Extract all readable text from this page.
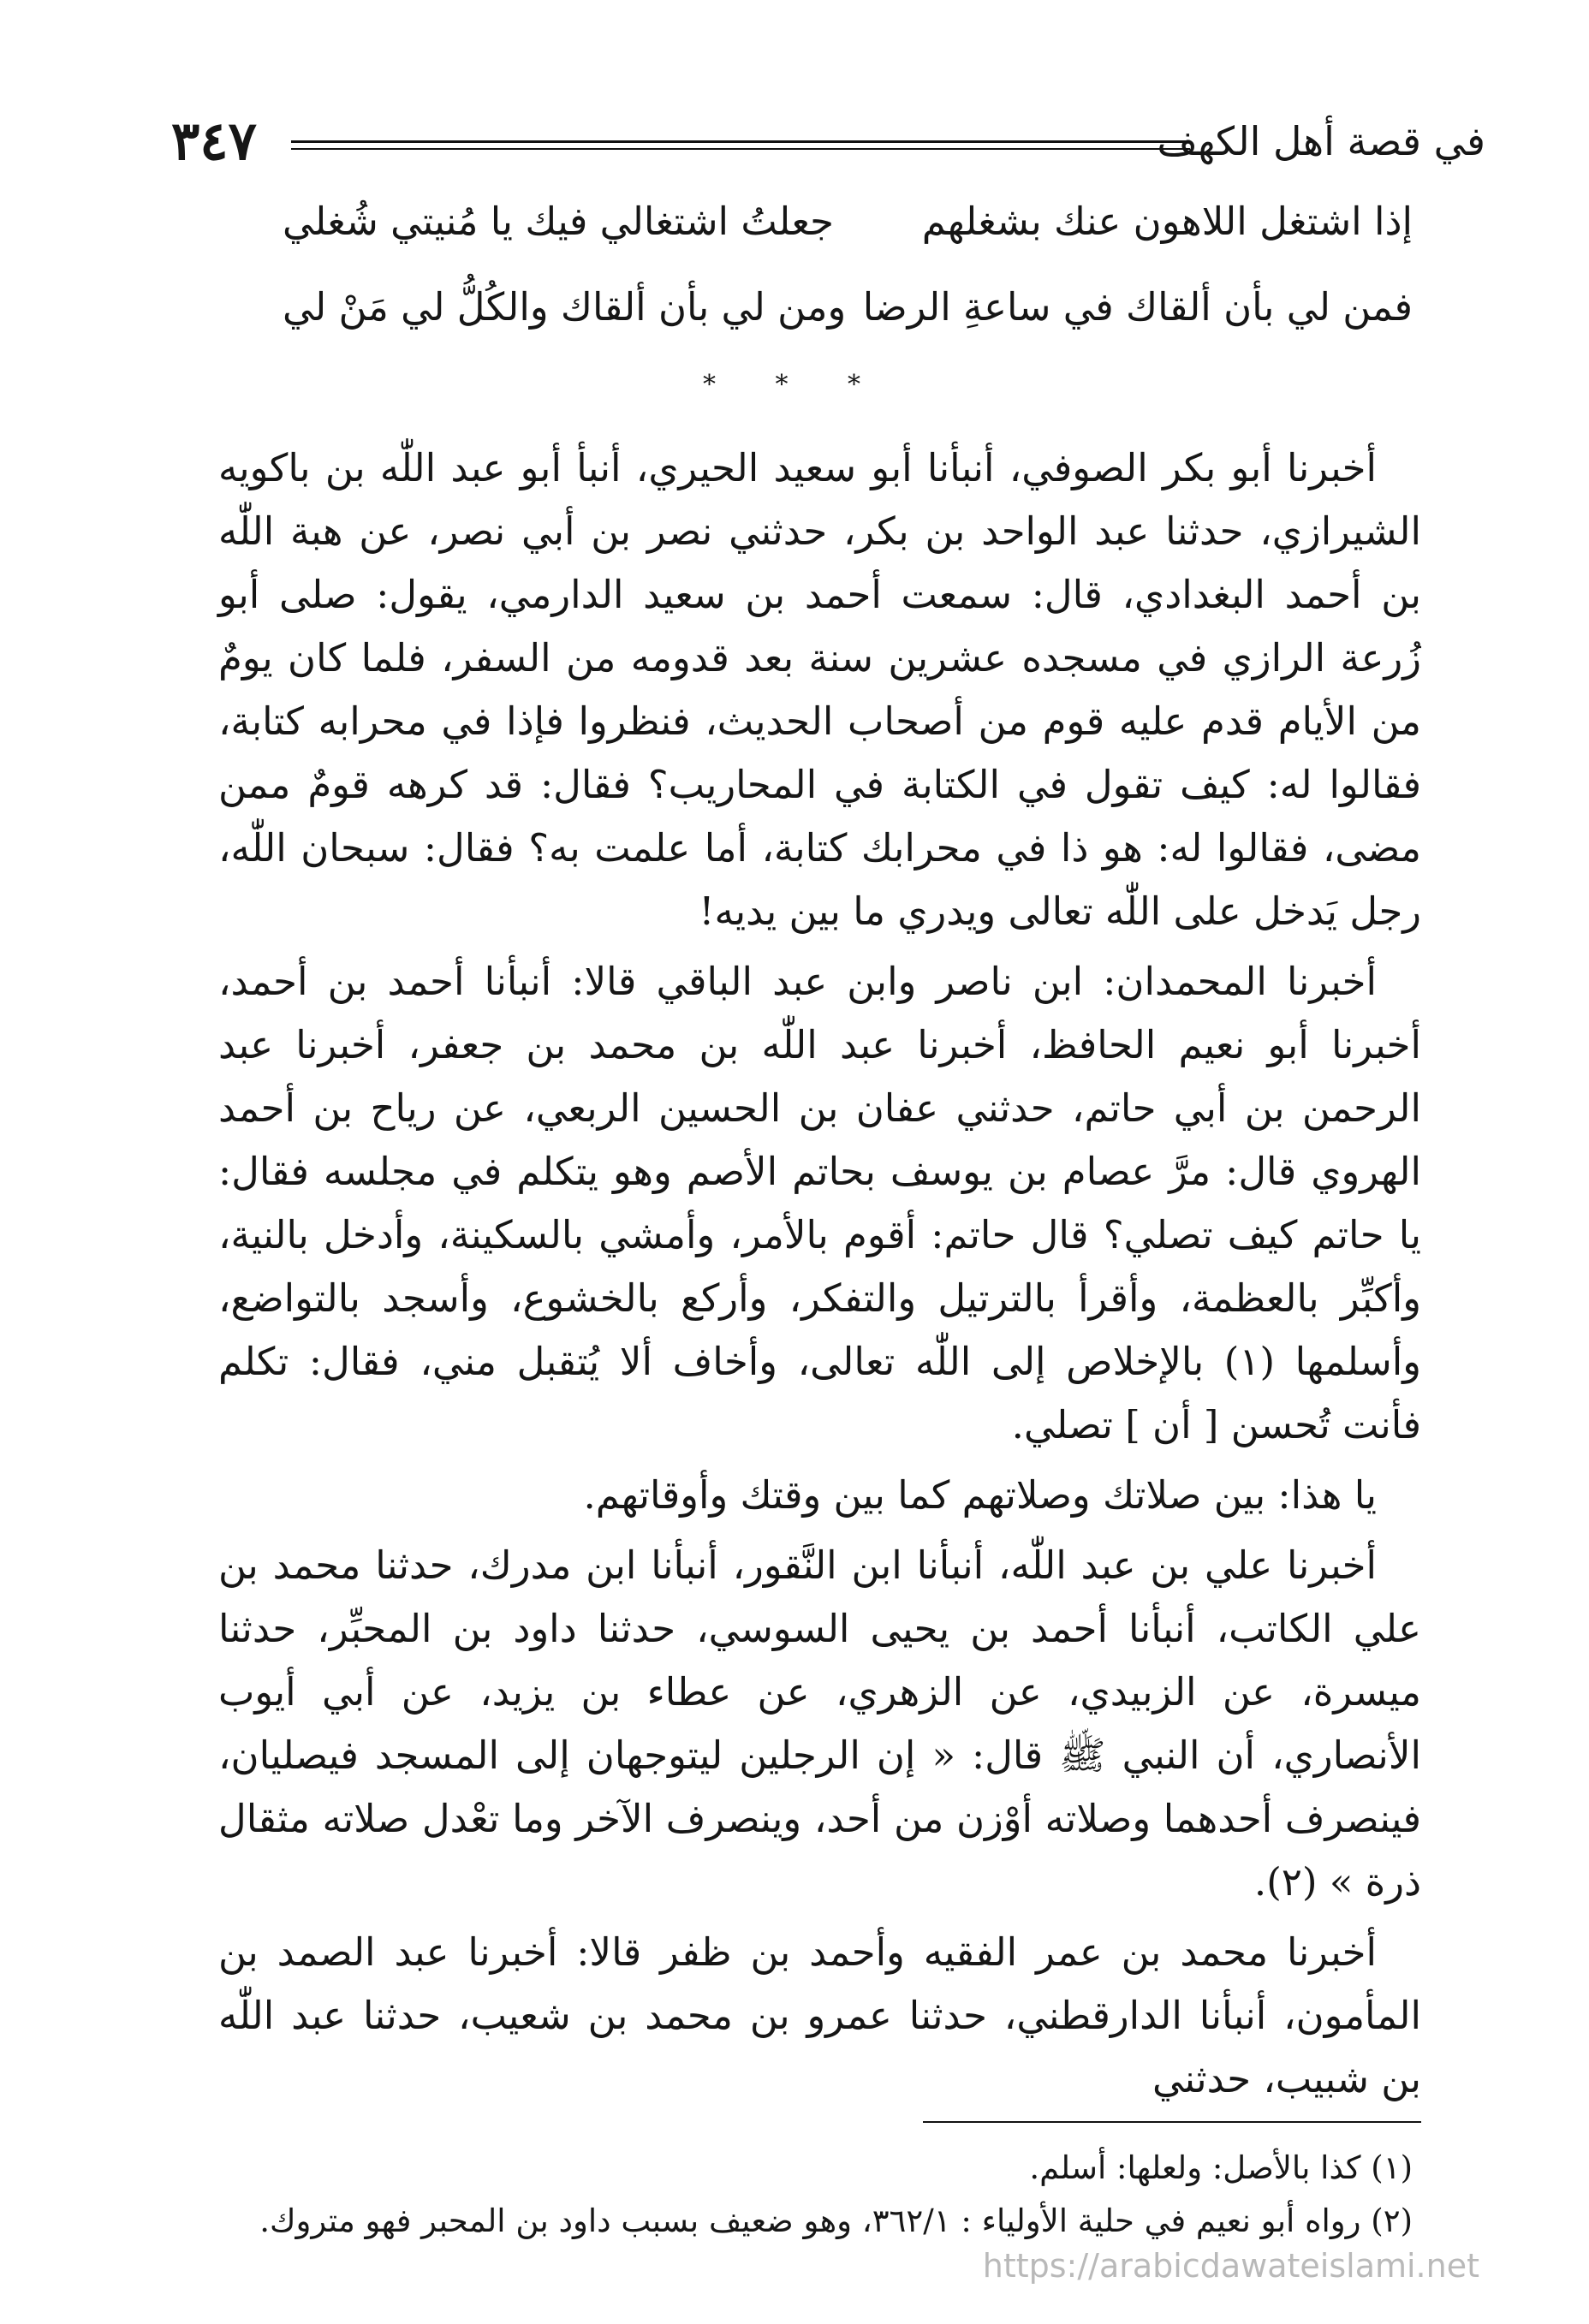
في قصة أهل الكهف
٣٤٧
إذا اشتغل اللاهون عنك بشغلهم
جعلتُ اشتغالي فيك يا مُنيتي شُغلي
فمن لي بأن ألقاك في ساعةِ الرضا
ومن لي بأن ألقاك والكُلُّ لي مَنْ لي
* * *

أخبرنا أبو بكر الصوفي، أنبأنا أبو سعيد الحيري، أنبأ أبو عبد اللّٰه بن باكويه الشيرازي، حدثنا عبد الواحد بن بكر، حدثني نصر بن أبي نصر، عن هبة اللّٰه بن أحمد البغدادي، قال: سمعت أحمد بن سعيد الدارمي، يقول: صلى أبو زُرعة الرازي في مسجده عشرين سنة بعد قدومه من السفر، فلما كان يومٌ من الأيام قدم عليه قوم من أصحاب الحديث، فنظروا فإذا في محرابه كتابة، فقالوا له: كيف تقول في الكتابة في المحاريب؟ فقال: قد كرهه قومٌ ممن مضى، فقالوا له: هو ذا في محرابك كتابة، أما علمت به؟ فقال: سبحان اللّٰه، رجل يَدخل على اللّٰه تعالى ويدري ما بين يديه!

أخبرنا المحمدان: ابن ناصر وابن عبد الباقي قالا: أنبأنا أحمد بن أحمد، أخبرنا أبو نعيم الحافظ، أخبرنا عبد اللّٰه بن محمد بن جعفر، أخبرنا عبد الرحمن بن أبي حاتم، حدثني عفان بن الحسين الربعي، عن رياح بن أحمد الهروي قال: مرَّ عصام بن يوسف بحاتم الأصم وهو يتكلم في مجلسه فقال: يا حاتم كيف تصلي؟ قال حاتم: أقوم بالأمر، وأمشي بالسكينة، وأدخل بالنية، وأكبِّر بالعظمة، وأقرأ بالترتيل والتفكر، وأركع بالخشوع، وأسجد بالتواضع، وأسلمها (١) بالإخلاص إلى اللّٰه تعالى، وأخاف ألا يُتقبل مني، فقال: تكلم فأنت تُحسن [ أن ] تصلي.

يا هذا: بين صلاتك وصلاتهم كما بين وقتك وأوقاتهم.

أخبرنا علي بن عبد اللّٰه، أنبأنا ابن النَّقور، أنبأنا ابن مدرك، حدثنا محمد بن علي الكاتب، أنبأنا أحمد بن يحيى السوسي، حدثنا داود بن المحبِّر، حدثنا ميسرة، عن الزبيدي، عن الزهري، عن عطاء بن يزيد، عن أبي أيوب الأنصاري، أن النبي ﷺ قال: « إن الرجلين ليتوجهان إلى المسجد فيصليان، فينصرف أحدهما وصلاته أوْزن من أحد، وينصرف الآخر وما تعْدل صلاته مثقال ذرة » (٢).

أخبرنا محمد بن عمر الفقيه وأحمد بن ظفر قالا: أخبرنا عبد الصمد بن المأمون، أنبأنا الدارقطني، حدثنا عمرو بن محمد بن شعيب، حدثنا عبد اللّٰه بن شبيب، حدثني

(١) كذا بالأصل: ولعلها: أسلم.
(٢) رواه أبو نعيم في حلية الأولياء : ٣٦٢/١، وهو ضعيف بسبب داود بن المحبر فهو متروك.
https://arabicdawateislami.net
